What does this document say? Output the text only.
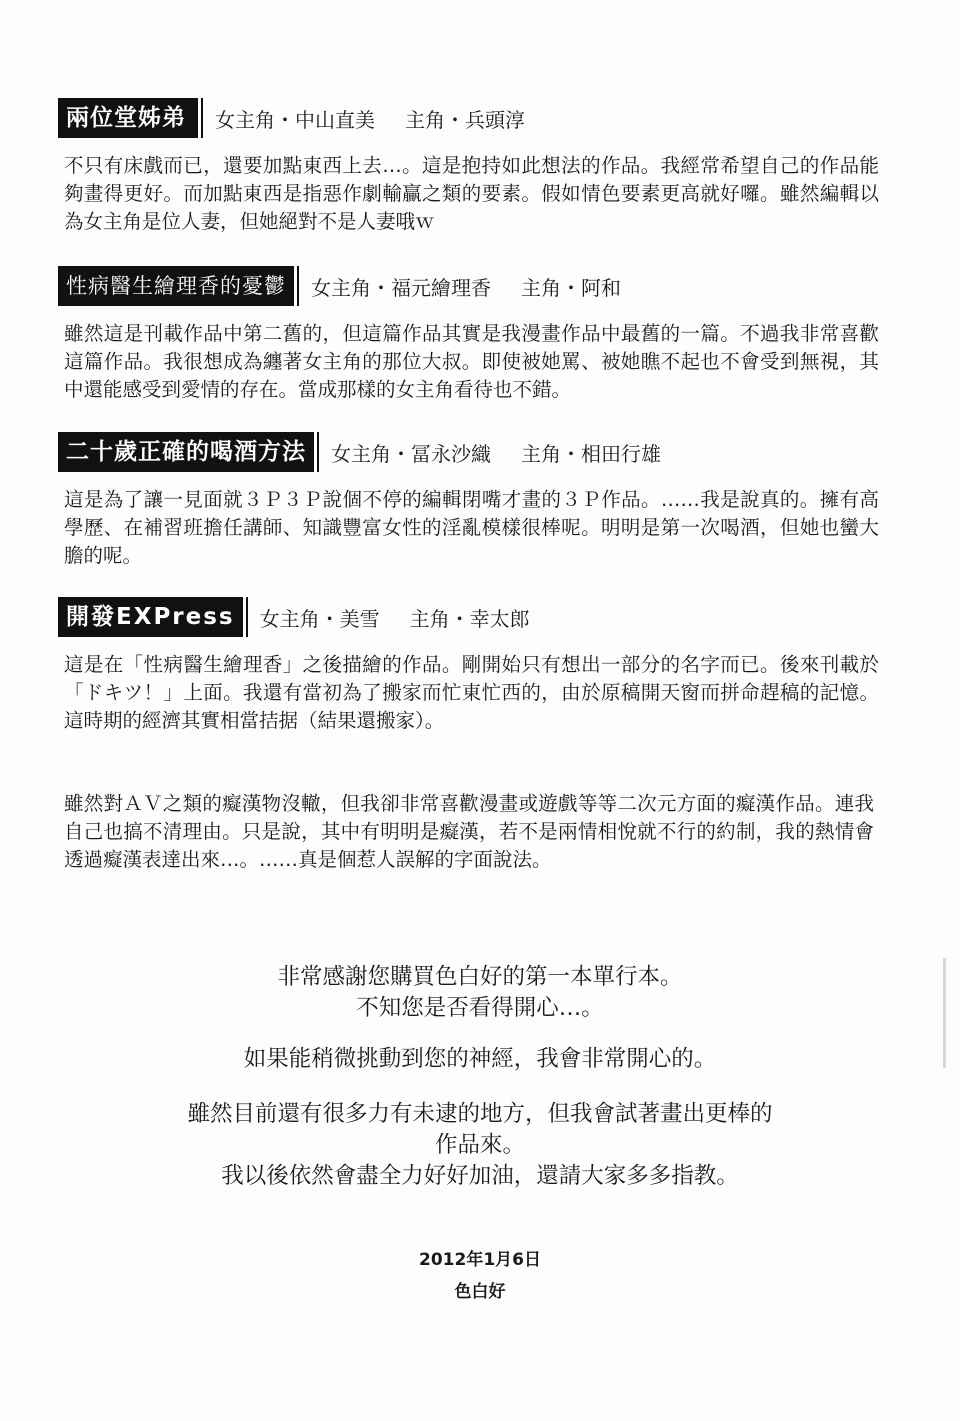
兩位堂姊弟	女主角・中山直美 主角・兵頭淳
不只有床戲而已，還要加點東西上去…。這是抱持如此想法的作品。我經常希望自己的作品能夠畫得更好。而加點東西是指惡作劇輸贏之類的要素。假如情色要素更高就好囉。雖然編輯以為女主角是位人妻，但她絕對不是人妻哦ｗ
性病醫生繪理香的憂鬱	女主角・福元繪理香 主角・阿和
雖然這是刊載作品中第二舊的，但這篇作品其實是我漫畫作品中最舊的一篇。不過我非常喜歡這篇作品。我很想成為纏著女主角的那位大叔。即使被她罵、被她瞧不起也不會受到無視，其中還能感受到愛情的存在。當成那樣的女主角看待也不錯。
二十歲正確的喝酒方法	女主角・冨永沙織 主角・相田行雄
這是為了讓一見面就３Ｐ３Ｐ說個不停的編輯閉嘴才畫的３Ｐ作品。……我是說真的。擁有高學歷、在補習班擔任講師、知識豐富女性的淫亂模樣很棒呢。明明是第一次喝酒，但她也蠻大膽的呢。
開發EXPress	女主角・美雪 主角・幸太郎
這是在「性病醫生繪理香」之後描繪的作品。剛開始只有想出一部分的名字而已。後來刊載於「ドキツ！」上面。我還有當初為了搬家而忙東忙西的，由於原稿開天窗而拼命趕稿的記憶。這時期的經濟其實相當拮据（結果還搬家）。
雖然對ＡＶ之類的癡漢物沒轍，但我卻非常喜歡漫畫或遊戲等等二次元方面的癡漢作品。連我自己也搞不清理由。只是說，其中有明明是癡漢，若不是兩情相悅就不行的約制，我的熱情會透過癡漢表達出來…。……真是個惹人誤解的字面說法。

非常感謝您購買色白好的第一本單行本。

不知您是否看得開心…。

如果能稍微挑動到您的神經，我會非常開心的。

雖然目前還有很多力有未逮的地方，但我會試著畫出更棒的

作品來。

我以後依然會盡全力好好加油，還請大家多多指教。

2012年1月6日
色白好
